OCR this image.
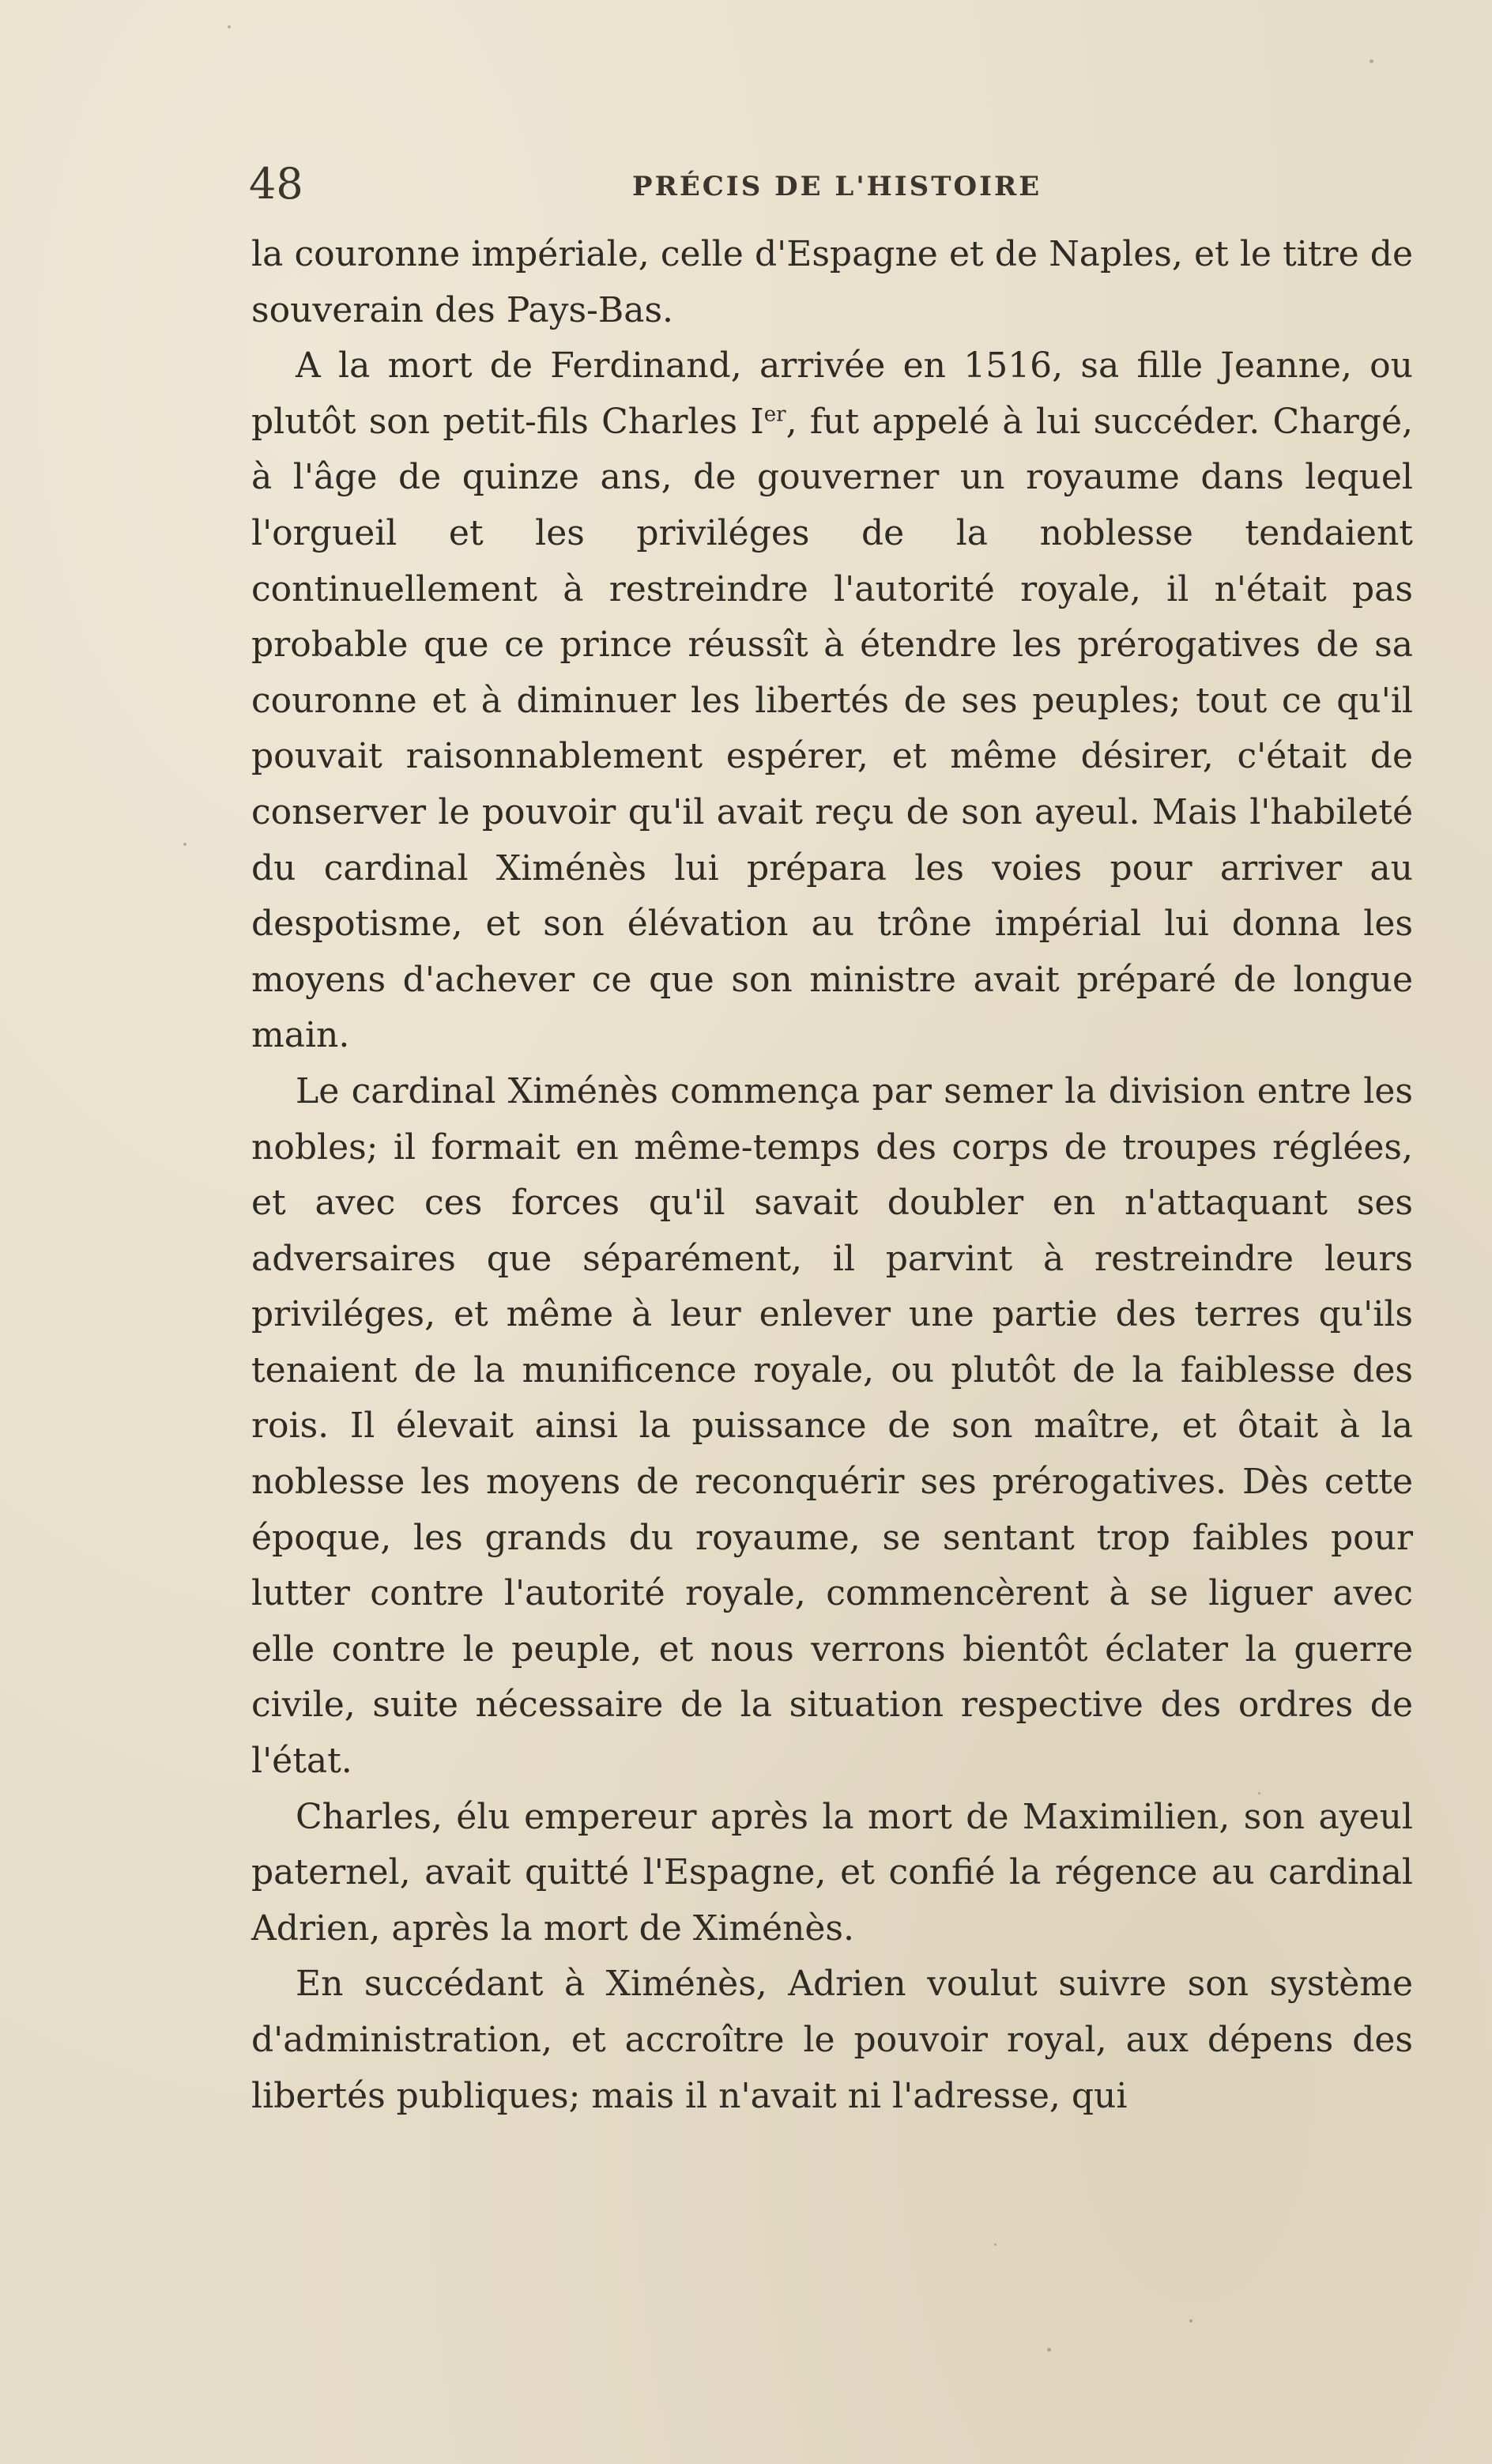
48	PRÉCIS DE L'HISTOIRE

la couronne impériale, celle d'Espagne et de Naples, et le titre de souverain des Pays-Bas.

A la mort de Ferdinand, arrivée en 1516, sa fille Jeanne, ou plutôt son petit-fils Charles Ier, fut appelé à lui succéder. Chargé, à l'âge de quinze ans, de gouverner un royaume dans lequel l'orgueil et les priviléges de la noblesse tendaient continuellement à restreindre l'autorité royale, il n'était pas probable que ce prince réussît à étendre les prérogatives de sa couronne et à diminuer les libertés de ses peuples; tout ce qu'il pouvait raisonnablement espérer, et même désirer, c'était de conserver le pouvoir qu'il avait reçu de son ayeul. Mais l'habileté du cardinal Ximénès lui prépara les voies pour arriver au despotisme, et son élévation au trône impérial lui donna les moyens d'achever ce que son ministre avait préparé de longue main.

Le cardinal Ximénès commença par semer la division entre les nobles; il formait en même-temps des corps de troupes réglées, et avec ces forces qu'il savait doubler en n'attaquant ses adversaires que séparément, il parvint à restreindre leurs priviléges, et même à leur enlever une partie des terres qu'ils tenaient de la munificence royale, ou plutôt de la faiblesse des rois. Il élevait ainsi la puissance de son maître, et ôtait à la noblesse les moyens de reconquérir ses prérogatives. Dès cette époque, les grands du royaume, se sentant trop faibles pour lutter contre l'autorité royale, commencèrent à se liguer avec elle contre le peuple, et nous verrons bientôt éclater la guerre civile, suite nécessaire de la situation respective des ordres de l'état.

Charles, élu empereur après la mort de Maximilien, son ayeul paternel, avait quitté l'Espagne, et confié la régence au cardinal Adrien, après la mort de Ximénès.

En succédant à Ximénès, Adrien voulut suivre son système d'administration, et accroître le pouvoir royal, aux dépens des libertés publiques; mais il n'avait ni l'adresse, qui
